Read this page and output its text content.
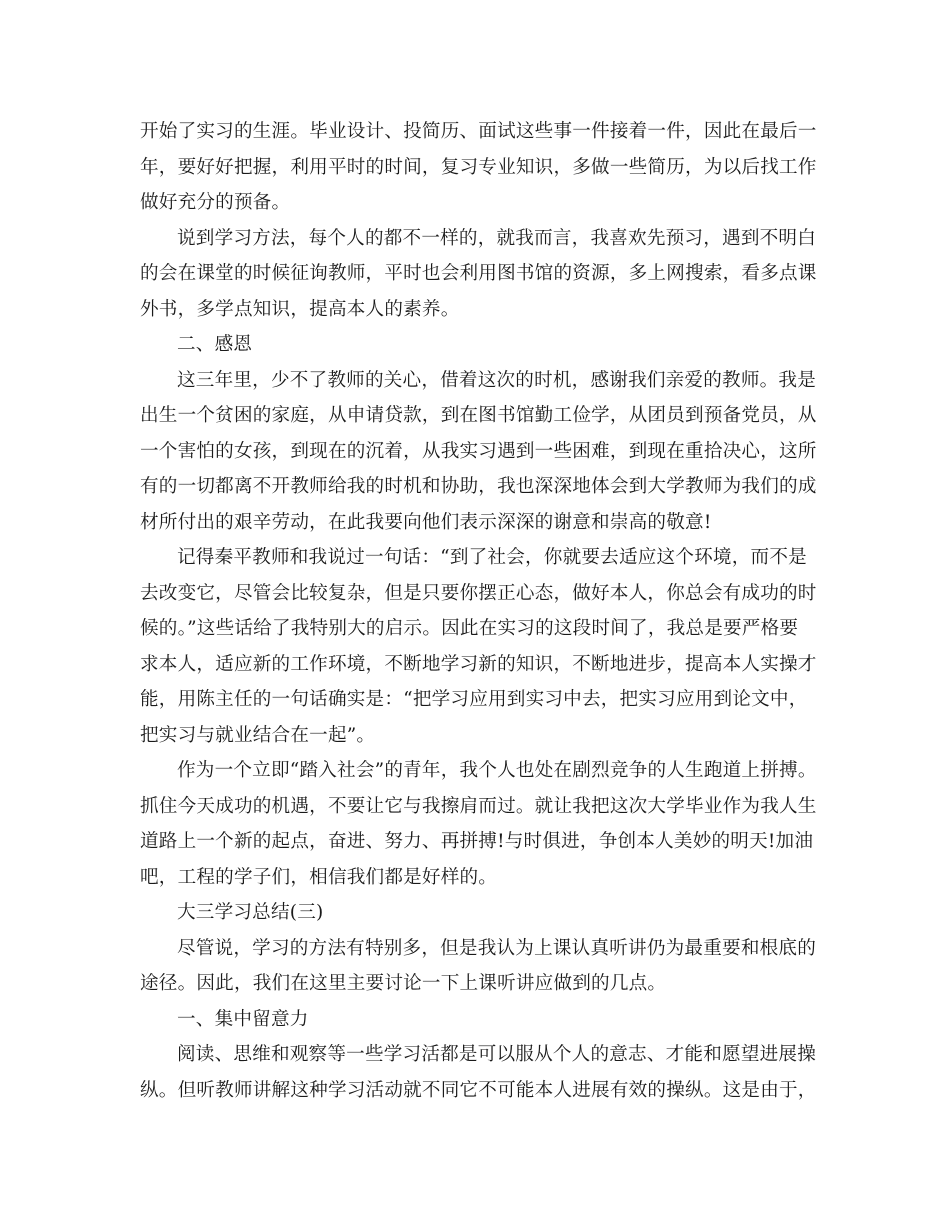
开始了实习的生涯。毕业设计、投简历、面试这些事一件接着一件，因此在最后一
年，要好好把握，利用平时的时间，复习专业知识，多做一些简历，为以后找工作
做好充分的预备。
说到学习方法，每个人的都不一样的，就我而言，我喜欢先预习，遇到不明白
的会在课堂的时候征询教师，平时也会利用图书馆的资源，多上网搜索，看多点课
外书，多学点知识，提高本人的素养。
二、感恩
这三年里，少不了教师的关心，借着这次的时机，感谢我们亲爱的教师。我是
出生一个贫困的家庭，从申请贷款，到在图书馆勤工俭学，从团员到预备党员，从
一个害怕的女孩，到现在的沉着，从我实习遇到一些困难，到现在重拾决心，这所
有的一切都离不开教师给我的时机和协助，我也深深地体会到大学教师为我们的成
材所付出的艰辛劳动，在此我要向他们表示深深的谢意和崇高的敬意!
记得秦平教师和我说过一句话：“到了社会，你就要去适应这个环境，而不是
去改变它，尽管会比较复杂，但是只要你摆正心态，做好本人，你总会有成功的时
候的。”这些话给了我特别大的启示。因此在实习的这段时间了，我总是要严格要
求本人，适应新的工作环境，不断地学习新的知识，不断地进步，提高本人实操才
能，用陈主任的一句话确实是：“把学习应用到实习中去，把实习应用到论文中，
把实习与就业结合在一起”。
作为一个立即“踏入社会”的青年，我个人也处在剧烈竞争的人生跑道上拼搏。
抓住今天成功的机遇，不要让它与我擦肩而过。就让我把这次大学毕业作为我人生
道路上一个新的起点，奋进、努力、再拼搏!与时俱进，争创本人美妙的明天!加油
吧，工程的学子们，相信我们都是好样的。
大三学习总结(三)
尽管说，学习的方法有特别多，但是我认为上课认真听讲仍为最重要和根底的
途径。因此，我们在这里主要讨论一下上课听讲应做到的几点。
一、集中留意力
阅读、思维和观察等一些学习活都是可以服从个人的意志、才能和愿望进展操
纵。但听教师讲解这种学习活动就不同它不可能本人进展有效的操纵。这是由于，
